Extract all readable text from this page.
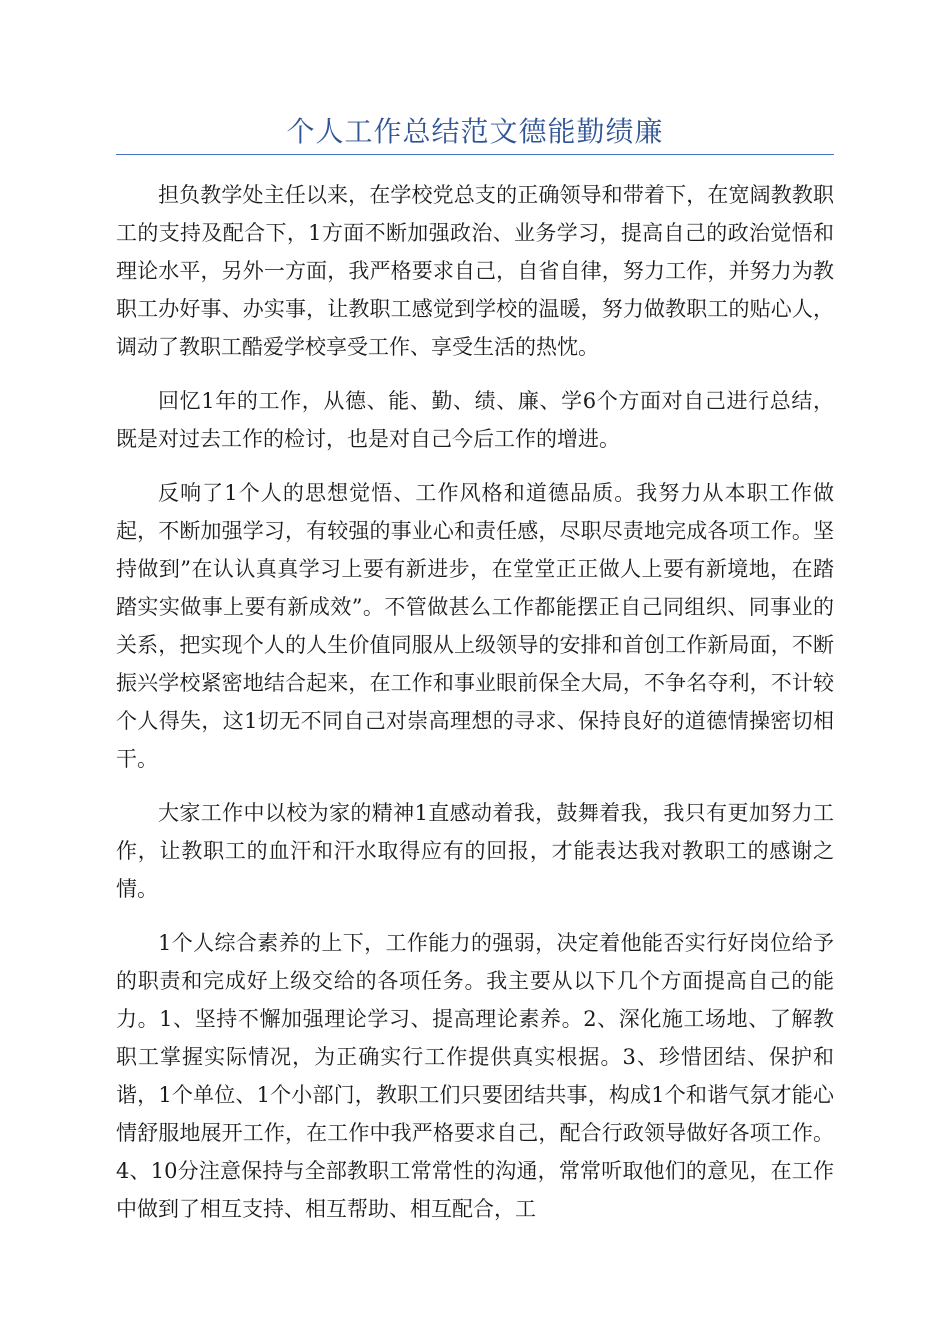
个人工作总结范文德能勤绩廉

担负教学处主任以来，在学校党总支的正确领导和带着下，在宽阔教教职工的支持及配合下，1方面不断加强政治、业务学习，提高自己的政治觉悟和理论水平，另外一方面，我严格要求自己，自省自律，努力工作，并努力为教职工办好事、办实事，让教职工感觉到学校的温暖，努力做教职工的贴心人，调动了教职工酷爱学校享受工作、享受生活的热忱。

回忆1年的工作，从德、能、勤、绩、廉、学6个方面对自己进行总结，既是对过去工作的检讨，也是对自己今后工作的增进。

反响了1个人的思想觉悟、工作风格和道德品质。我努力从本职工作做起，不断加强学习，有较强的事业心和责任感，尽职尽责地完成各项工作。坚持做到”在认认真真学习上要有新进步，在堂堂正正做人上要有新境地，在踏踏实实做事上要有新成效”。不管做甚么工作都能摆正自己同组织、同事业的关系，把实现个人的人生价值同服从上级领导的安排和首创工作新局面，不断振兴学校紧密地结合起来，在工作和事业眼前保全大局，不争名夺利，不计较个人得失，这1切无不同自己对崇高理想的寻求、保持良好的道德情操密切相干。

大家工作中以校为家的精神1直感动着我，鼓舞着我，我只有更加努力工作，让教职工的血汗和汗水取得应有的回报，才能表达我对教职工的感谢之情。

1个人综合素养的上下，工作能力的强弱，决定着他能否实行好岗位给予的职责和完成好上级交给的各项任务。我主要从以下几个方面提高自己的能力。1、坚持不懈加强理论学习、提高理论素养。2、深化施工场地、了解教职工掌握实际情况，为正确实行工作提供真实根据。3、珍惜团结、保护和谐，1个单位、1个小部门，教职工们只要团结共事，构成1个和谐气氛才能心情舒服地展开工作，在工作中我严格要求自己，配合行政领导做好各项工作。4、10分注意保持与全部教职工常常性的沟通，常常听取他们的意见，在工作中做到了相互支持、相互帮助、相互配合，工
